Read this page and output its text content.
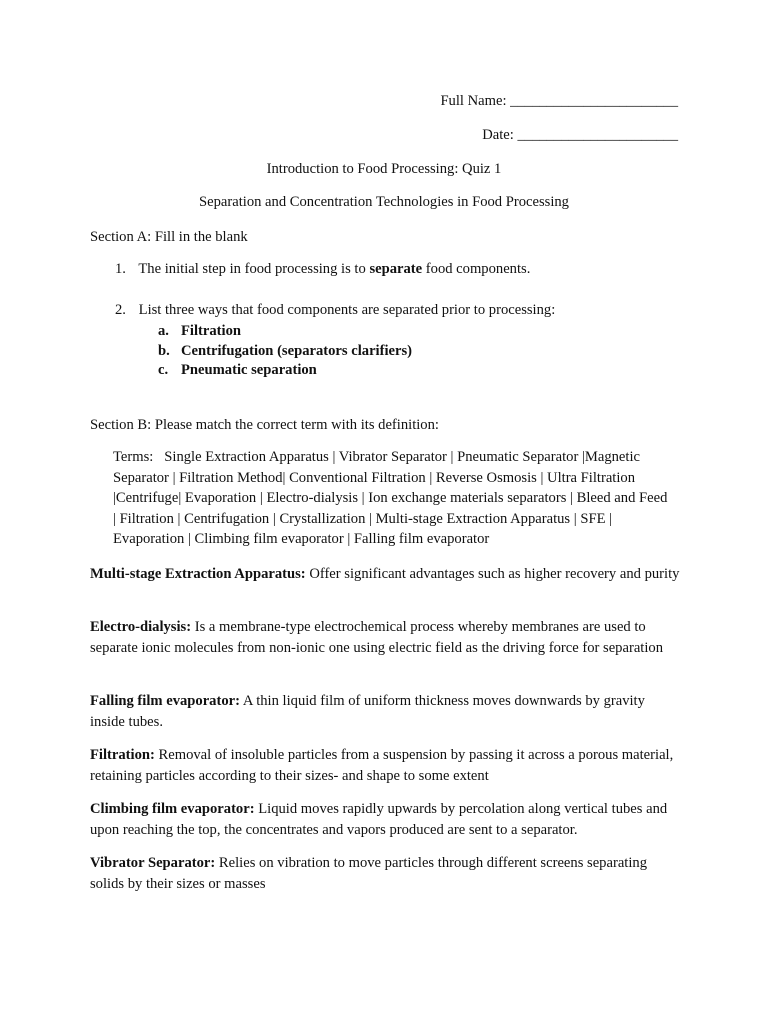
Full Name: _______________________
Date: ______________________
Introduction to Food Processing: Quiz 1
Separation and Concentration Technologies in Food Processing
Section A: Fill in the blank
1. The initial step in food processing is to separate food components.
2. List three ways that food components are separated prior to processing:
a. Filtration
b. Centrifugation (separators clarifiers)
c. Pneumatic separation
Section B: Please match the correct term with its definition:
Terms: Single Extraction Apparatus | Vibrator Separator | Pneumatic Separator |Magnetic Separator | Filtration Method| Conventional Filtration | Reverse Osmosis | Ultra Filtration |Centrifuge| Evaporation | Electro-dialysis | Ion exchange materials separators | Bleed and Feed | Filtration | Centrifugation | Crystallization | Multi-stage Extraction Apparatus | SFE | Evaporation | Climbing film evaporator | Falling film evaporator
Multi-stage Extraction Apparatus: Offer significant advantages such as higher recovery and purity
Electro-dialysis: Is a membrane-type electrochemical process whereby membranes are used to separate ionic molecules from non-ionic one using electric field as the driving force for separation
Falling film evaporator: A thin liquid film of uniform thickness moves downwards by gravity inside tubes.
Filtration: Removal of insoluble particles from a suspension by passing it across a porous material, retaining particles according to their sizes- and shape to some extent
Climbing film evaporator: Liquid moves rapidly upwards by percolation along vertical tubes and upon reaching the top, the concentrates and vapors produced are sent to a separator.
Vibrator Separator: Relies on vibration to move particles through different screens separating solids by their sizes or masses
